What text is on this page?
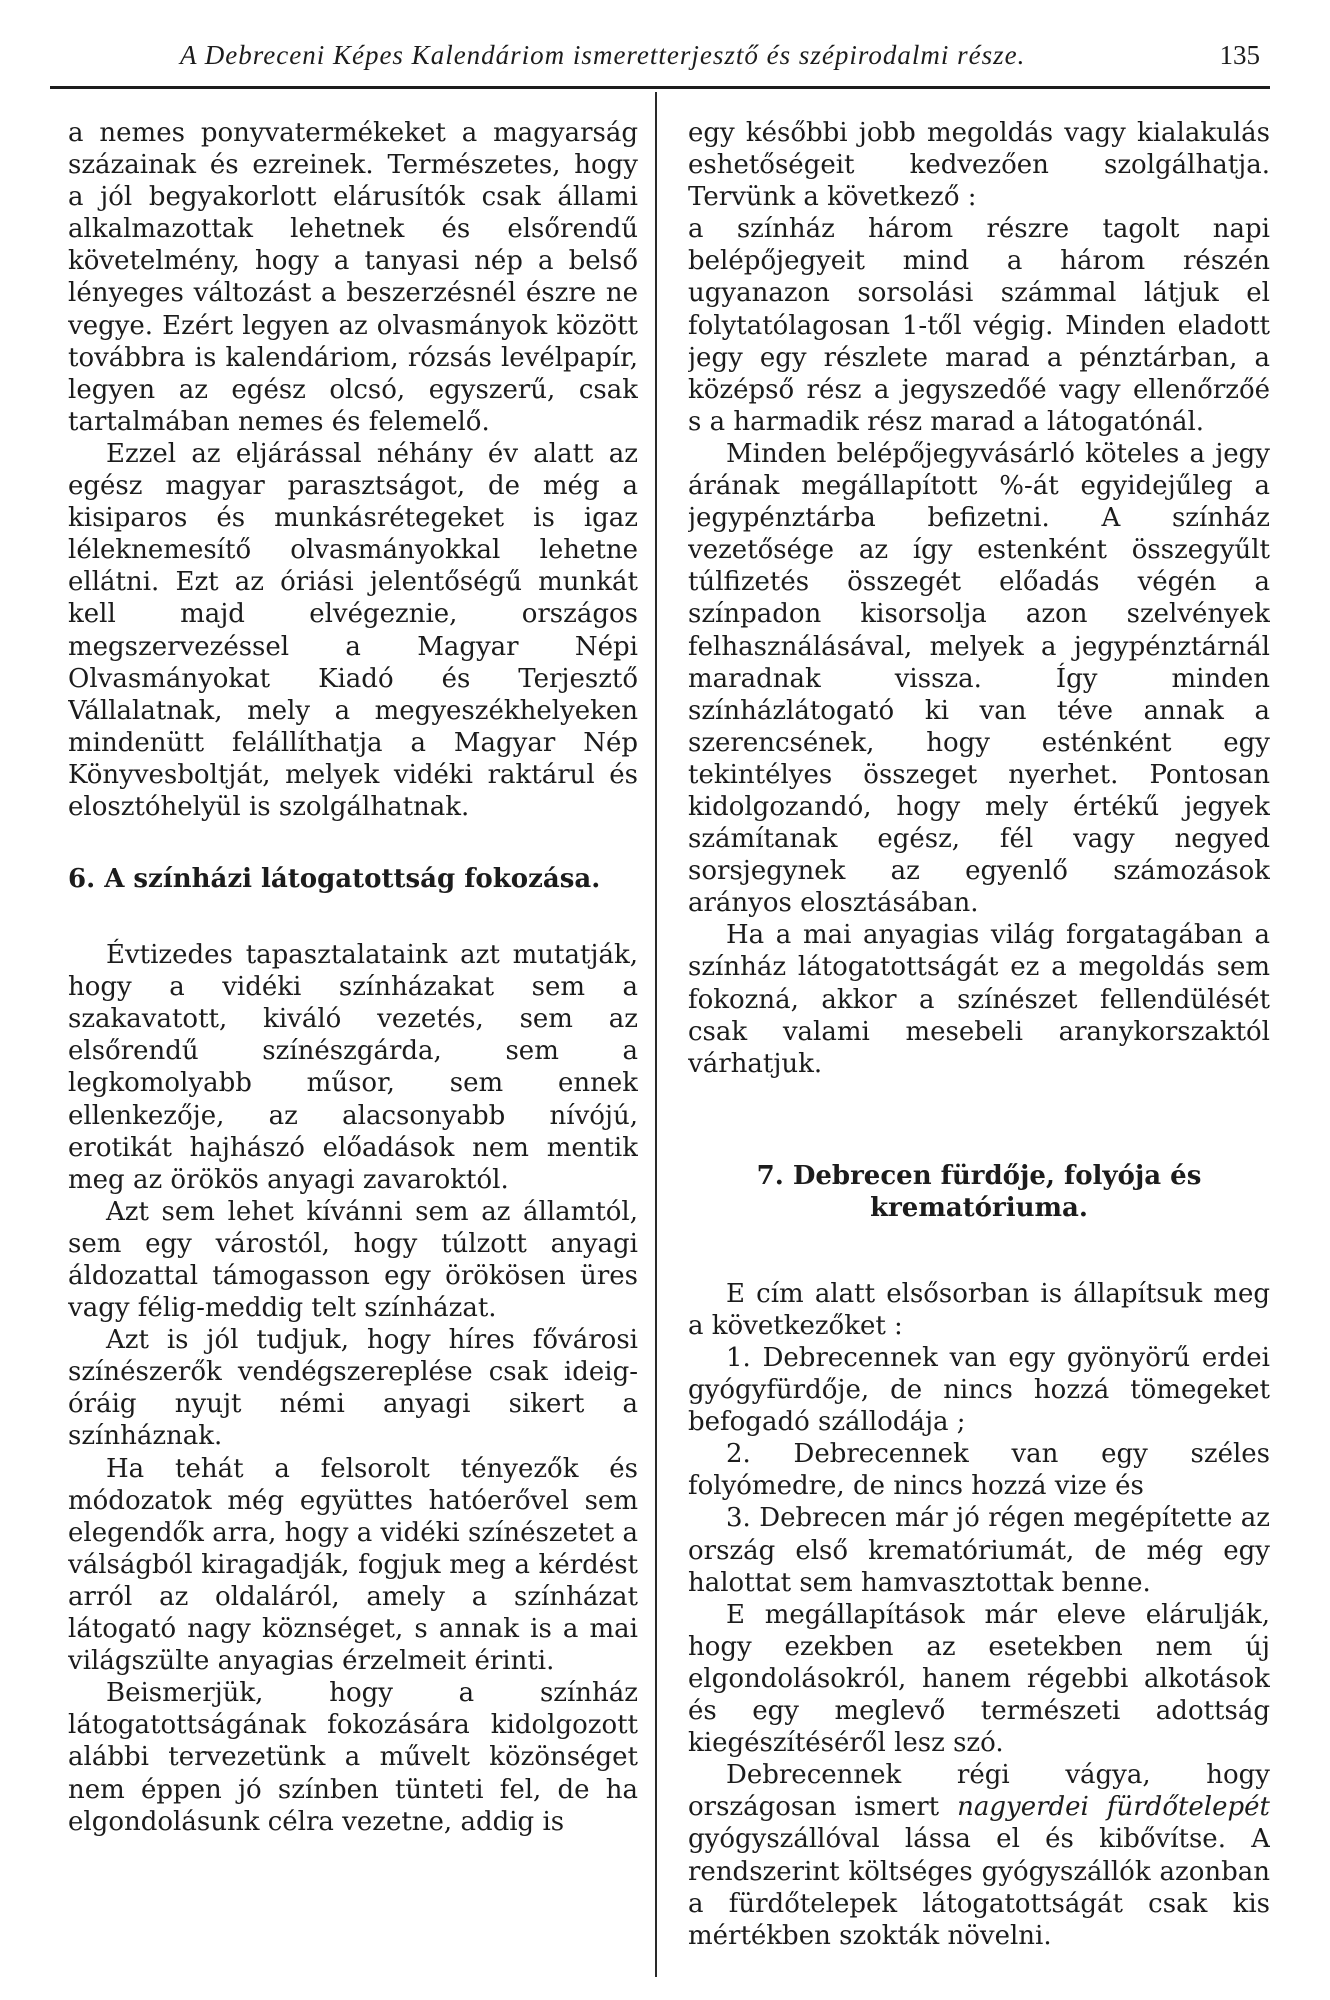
A Debreceni Képes Kalendáriom ismeretterjesztő és szépirodalmi része.	135

a nemes ponyvatermékeket a magyarság százainak és ezreinek. Természetes, hogy a jól begyakorlott elárusítók csak állami alkalmazottak lehetnek és elsőrendű követelmény, hogy a tanyasi nép a belső lényeges változást a beszerzésnél észre ne vegye. Ezért legyen az olvasmányok között továbbra is kalendáriom, rózsás levélpapír, legyen az egész olcsó, egyszerű, csak tartalmában nemes és felemelő.

Ezzel az eljárással néhány év alatt az egész magyar parasztságot, de még a kisiparos és munkásrétegeket is igaz léleknemesítő olvasmányokkal lehetne ellátni. Ezt az óriási jelentőségű munkát kell majd elvégeznie, országos megszervezéssel a Magyar Népi Olvasmányokat Kiadó és Terjesztő Vállalatnak, mely a megyeszékhelyeken mindenütt felállíthatja a Magyar Nép Könyvesboltját, melyek vidéki raktárul és elosztóhelyül is szolgálhatnak.

6. A színházi látogatottság fokozása.

Évtizedes tapasztalataink azt mutatják, hogy a vidéki színházakat sem a szakavatott, kiváló vezetés, sem az elsőrendű színészgárda, sem a legkomolyabb műsor, sem ennek ellenkezője, az alacsonyabb nívójú, erotikát hajhászó előadások nem mentik meg az örökös anyagi zavaroktól.

Azt sem lehet kívánni sem az államtól, sem egy várostól, hogy túlzott anyagi áldozattal támogasson egy örökösen üres vagy félig-meddig telt színházat.

Azt is jól tudjuk, hogy híres fővárosi színészerők vendégszereplése csak ideig-óráig nyujt némi anyagi sikert a színháznak.

Ha tehát a felsorolt tényezők és módozatok még együttes hatóerővel sem elegendők arra, hogy a vidéki színészetet a válságból kiragadják, fogjuk meg a kérdést arról az oldaláról, amely a színházat látogató nagy köznséget, s annak is a mai világszülte anyagias érzelmeit érinti.

Beismerjük, hogy a színház látogatottságának fokozására kidolgozott alábbi tervezetünk a művelt közönséget nem éppen jó színben tünteti fel, de ha elgondolásunk célra vezetne, addig is

egy későbbi jobb megoldás vagy kialakulás eshetőségeit kedvezően szolgálhatja. Tervünk a következő :

a színház három részre tagolt napi belépőjegyeit mind a három részén ugyanazon sorsolási számmal látjuk el folytatólagosan 1-től végig. Minden eladott jegy egy részlete marad a pénztárban, a középső rész a jegyszedőé vagy ellenőrzőé s a harmadik rész marad a látogatónál.

Minden belépőjegyvásárló köteles a jegy árának megállapított %-át egyidejűleg a jegypénztárba befizetni. A színház vezetősége az így estenként összegyűlt túlfizetés összegét előadás végén a színpadon kisorsolja azon szelvények felhasználásával, melyek a jegypénztárnál maradnak vissza. Így minden színházlátogató ki van téve annak a szerencsének, hogy esténként egy tekintélyes összeget nyerhet. Pontosan kidolgozandó, hogy mely értékű jegyek számítanak egész, fél vagy negyed sorsjegynek az egyenlő számozások arányos elosztásában.

Ha a mai anyagias világ forgatagában a színház látogatottságát ez a megoldás sem fokozná, akkor a színészet fellendülését csak valami mesebeli aranykorszaktól várhatjuk.

7. Debrecen fürdője, folyója és krematóriuma.

E cím alatt elsősorban is állapítsuk meg a következőket :

1. Debrecennek van egy gyönyörű erdei gyógyfürdője, de nincs hozzá tömegeket befogadó szállodája ;

2. Debrecennek van egy széles folyómedre, de nincs hozzá vize és

3. Debrecen már jó régen megépítette az ország első krematóriumát, de még egy halottat sem hamvasztottak benne.

E megállapítások már eleve elárulják, hogy ezekben az esetekben nem új elgondolásokról, hanem régebbi alkotások és egy meglevő természeti adottság kiegészítéséről lesz szó.

Debrecennek régi vágya, hogy országosan ismert nagyerdei fürdőtelepét gyógyszállóval lássa el és kibővítse. A rendszerint költséges gyógyszállók azonban a fürdőtelepek látogatottságát csak kis mértékben szokták növelni.
